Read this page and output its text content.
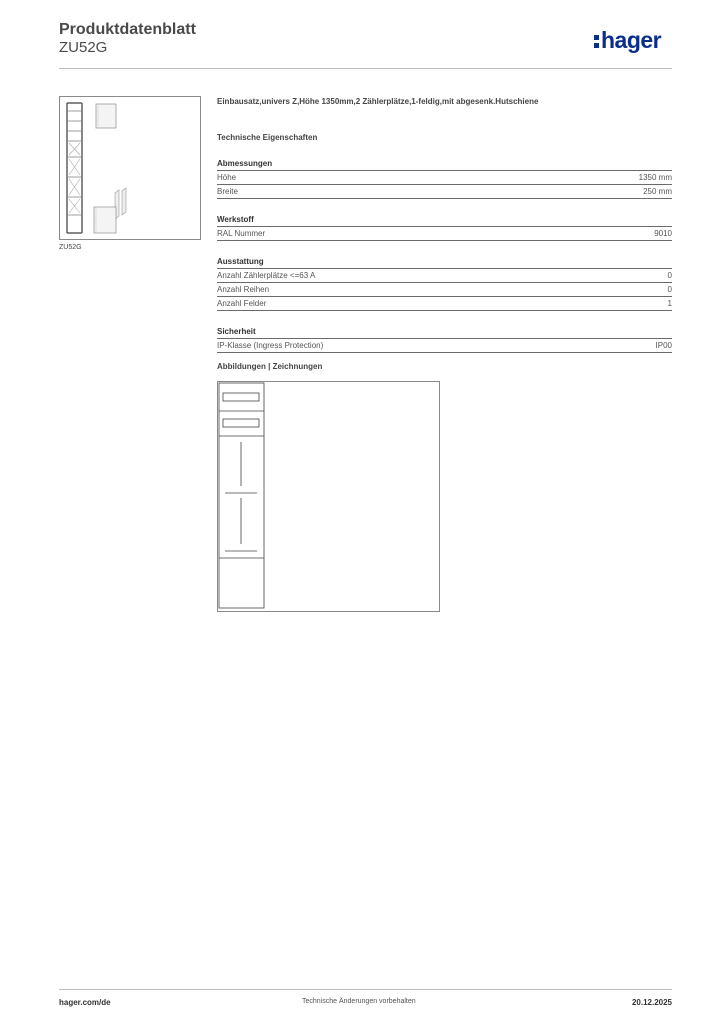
Produktdatenblatt
ZU52G	hager
ZU52G
Einbausatz,univers Z,Höhe 1350mm,2 Zählerplätze,1-feldig,mit abgesenk.Hutschiene
Technische Eigenschaften
Abmessungen
Höhe	1350 mm
Breite	250 mm
Werkstoff
RAL Nummer	9010
Ausstattung
Anzahl Zählerplätze <=63 A	0
Anzahl Reihen	0
Anzahl Felder	1
Sicherheit
IP-Klasse (Ingress Protection)	IP00
Abbildungen | Zeichnungen
hager.com/de	Technische Änderungen vorbehalten	20.12.2025
